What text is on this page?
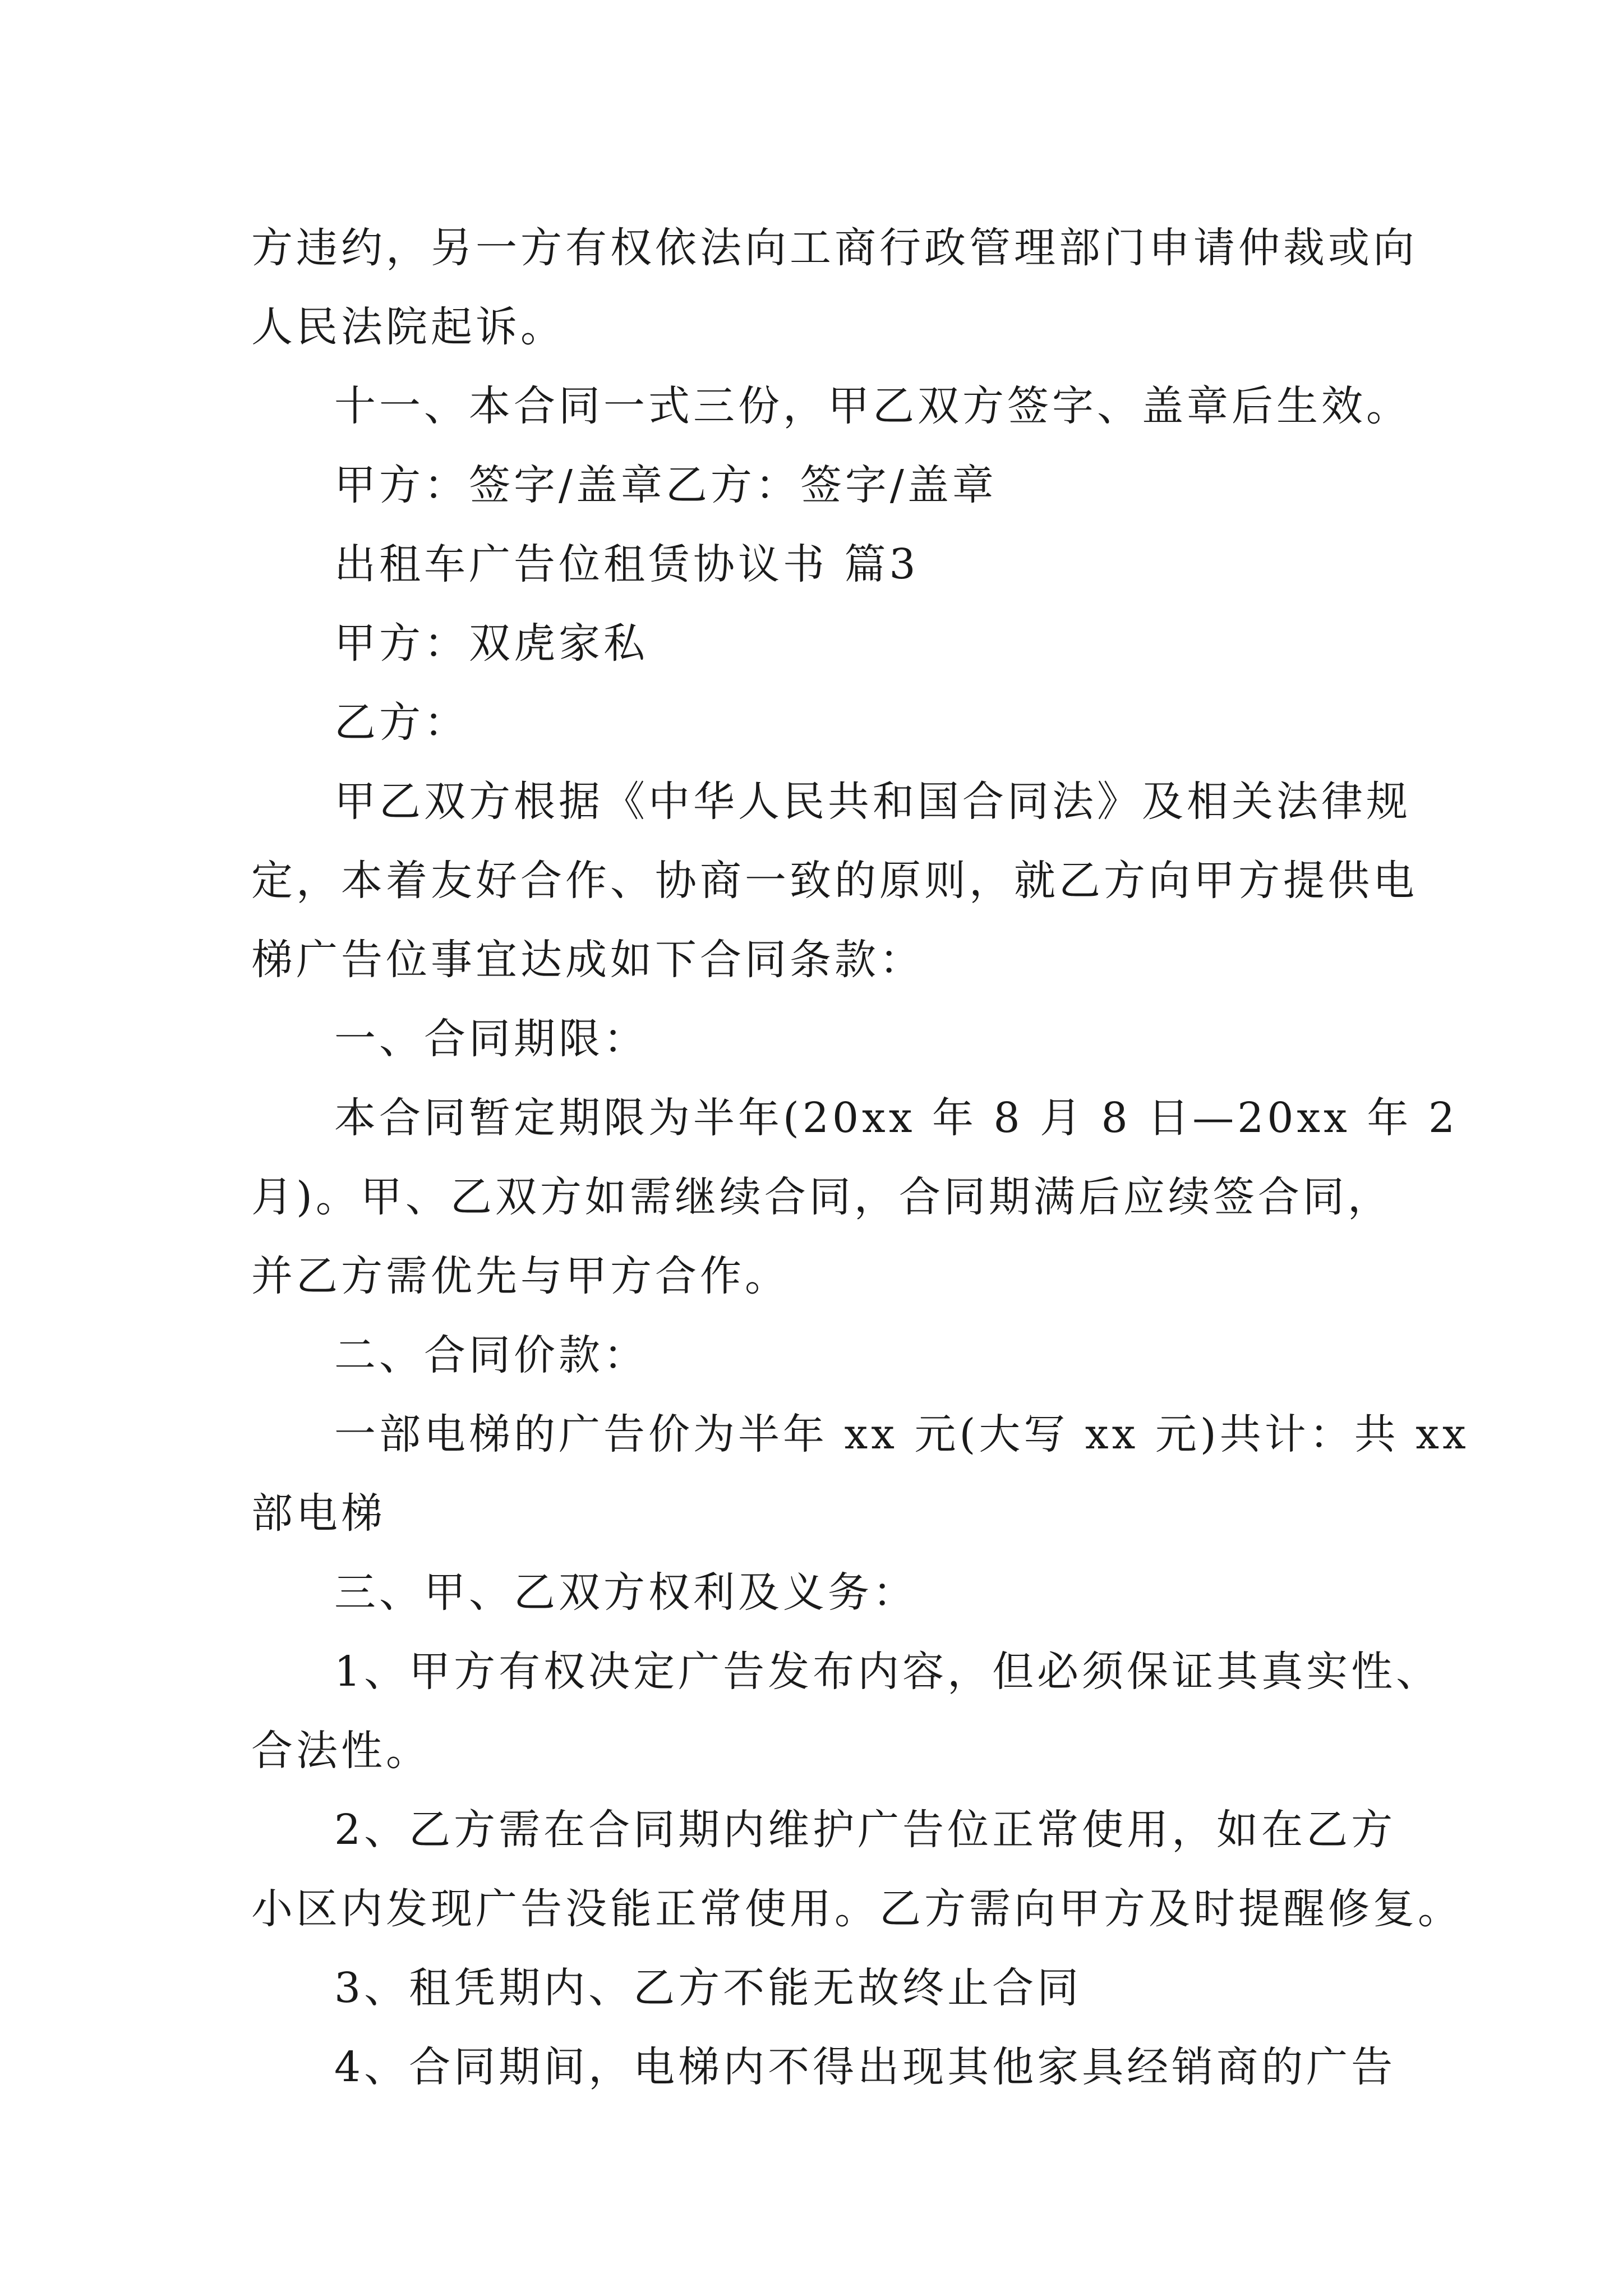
方违约，另一方有权依法向工商行政管理部门申请仲裁或向
人民法院起诉。
十一、本合同一式三份，甲乙双方签字、盖章后生效。
甲方：签字/盖章乙方：签字/盖章
出租车广告位租赁协议书 篇3
甲方：双虎家私
乙方：
甲乙双方根据《中华人民共和国合同法》及相关法律规
定，本着友好合作、协商一致的原则，就乙方向甲方提供电
梯广告位事宜达成如下合同条款：
一、合同期限：
本合同暂定期限为半年(20xx 年 8 月 8 日—20xx 年 2
月)。甲、乙双方如需继续合同，合同期满后应续签合同，
并乙方需优先与甲方合作。
二、合同价款：
一部电梯的广告价为半年 xx 元(大写 xx 元)共计：共 xx
部电梯
三、甲、乙双方权利及义务：
1、甲方有权决定广告发布内容，但必须保证其真实性、
合法性。
2、乙方需在合同期内维护广告位正常使用，如在乙方
小区内发现广告没能正常使用。乙方需向甲方及时提醒修复。
3、租凭期内、乙方不能无故终止合同
4、合同期间，电梯内不得出现其他家具经销商的广告
